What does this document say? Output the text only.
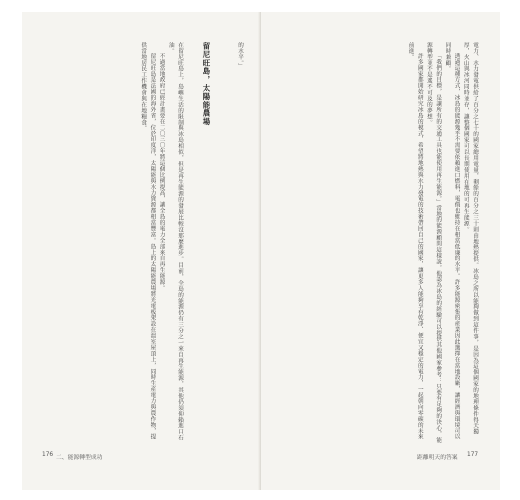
在留尼旺島上，島嶼生活的限制與冰島相似，但是再生能源的發展比較沒那麼進步。目前，全島的能源仍有三分之一來自再生能源，其他仍須仰賴進口石油。

不過當地政府已經計畫要在二〇三〇年將這個比例提高，讓全島的電力全部來自再生能源。

留尼旺島是法國的海外省，位於印度洋，太陽能與水力資源都相當豐富。島上的太陽能農場將光電板架設在溫室屋頂上，同時生產電力與農作物，提供當地居民工作機會與在地糧食。	留尼旺島，太陽能農場	的水平。」

176 二、能源轉型成功

電力、水力發電供給了百分之七十的國家總用電量，剩餘的百分之三十則由地熱提供。冰島之所以能夠做到這件事，是因為這個國家的地理條件得天獨厚，火山與冰河同時並存，讓整個國家可以長期使用在地的可再生能源。

透過這種方式，冰島的能源幾乎不需要依賴進口燃料，電價也維持在相當低廉的水平。許多能源密集的產業因此選擇在當地設廠，讓經濟與環境可以同時兼顧。

「我們的目標，是讓所有的交通工具也能使用再生能源。」當地的能源顧問這樣說。他認為冰島的經驗可以提供其他國家參考：只要有足夠的決心，能源轉型並不是遙不可及的夢想。

許多國家都開始研究冰島的模式，希望將地熱與水力發電的技術帶回自己的國家，讓更多人能夠享有乾淨、便宜又穩定的電力，一起朝向零碳的未來前進。

距離明天的答案 177
